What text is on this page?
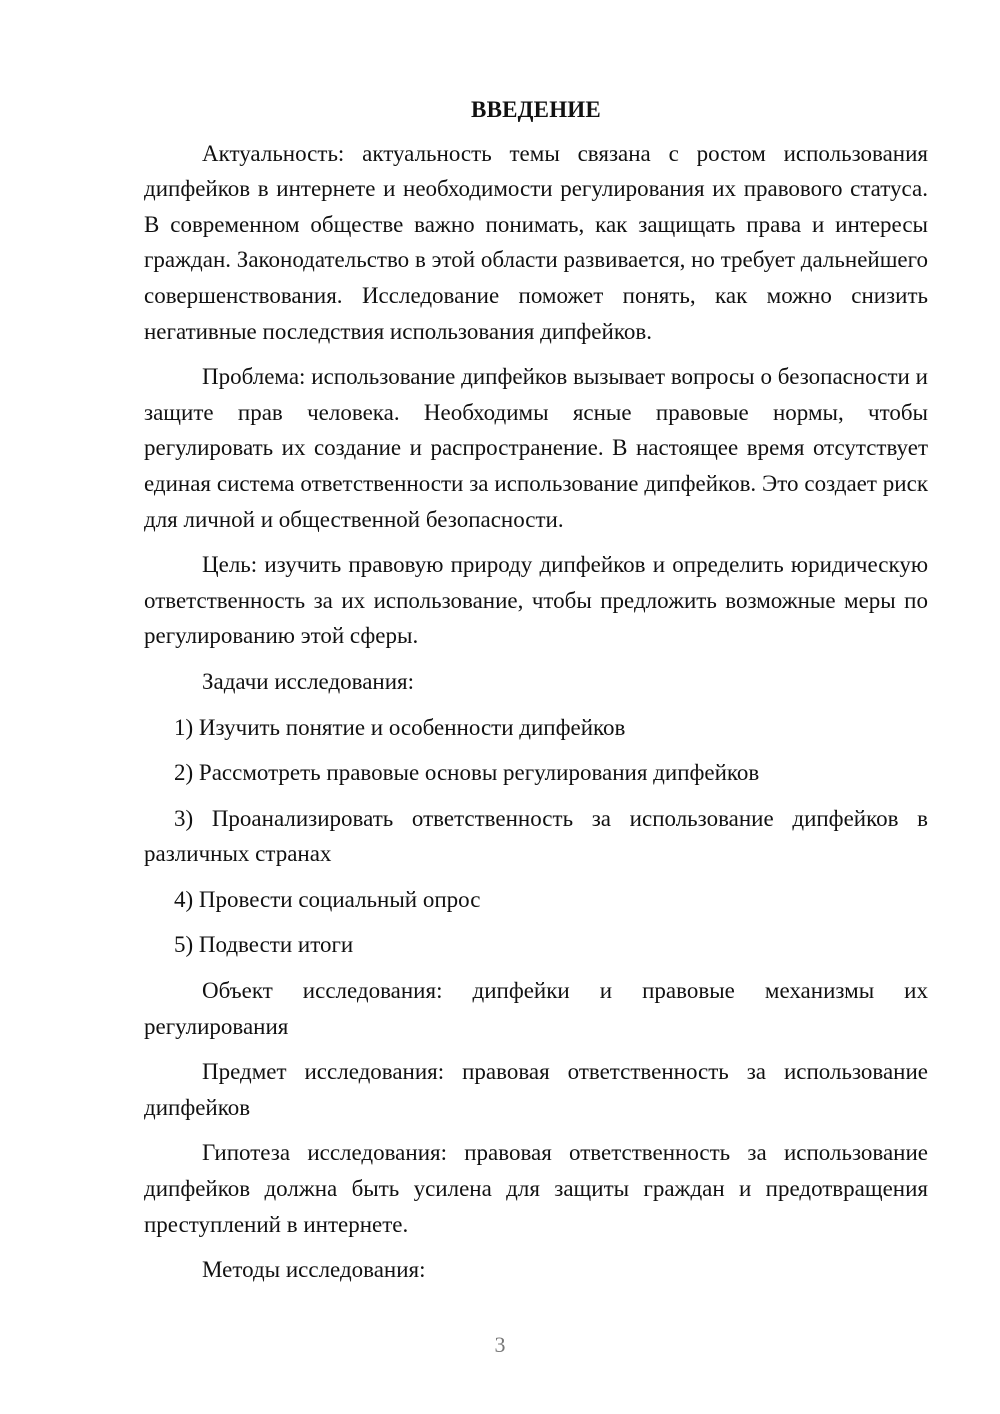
ВВЕДЕНИЕ

Актуальность: актуальность темы связана с ростом использования дипфейков в интернете и необходимости регулирования их правового статуса. В современном обществе важно понимать, как защищать права и интересы граждан. Законодательство в этой области развивается, но требует дальнейшего совершенствования. Исследование поможет понять, как можно снизить негативные последствия использования дипфейков.

Проблема: использование дипфейков вызывает вопросы о безопасности и защите прав человека. Необходимы ясные правовые нормы, чтобы регулировать их создание и распространение. В настоящее время отсутствует единая система ответственности за использование дипфейков. Это создает риск для личной и общественной безопасности.

Цель: изучить правовую природу дипфейков и определить юридическую ответственность за их использование, чтобы предложить возможные меры по регулированию этой сферы.

Задачи исследования:

1) Изучить понятие и особенности дипфейков

2) Рассмотреть правовые основы регулирования дипфейков

3) Проанализировать ответственность за использование дипфейков в различных странах

4) Провести социальный опрос

5) Подвести итоги

Объект исследования: дипфейки и правовые механизмы их регулирования

Предмет исследования: правовая ответственность за использование дипфейков

Гипотеза исследования: правовая ответственность за использование дипфейков должна быть усилена для защиты граждан и предотвращения преступлений в интернете.

Методы исследования:

3
